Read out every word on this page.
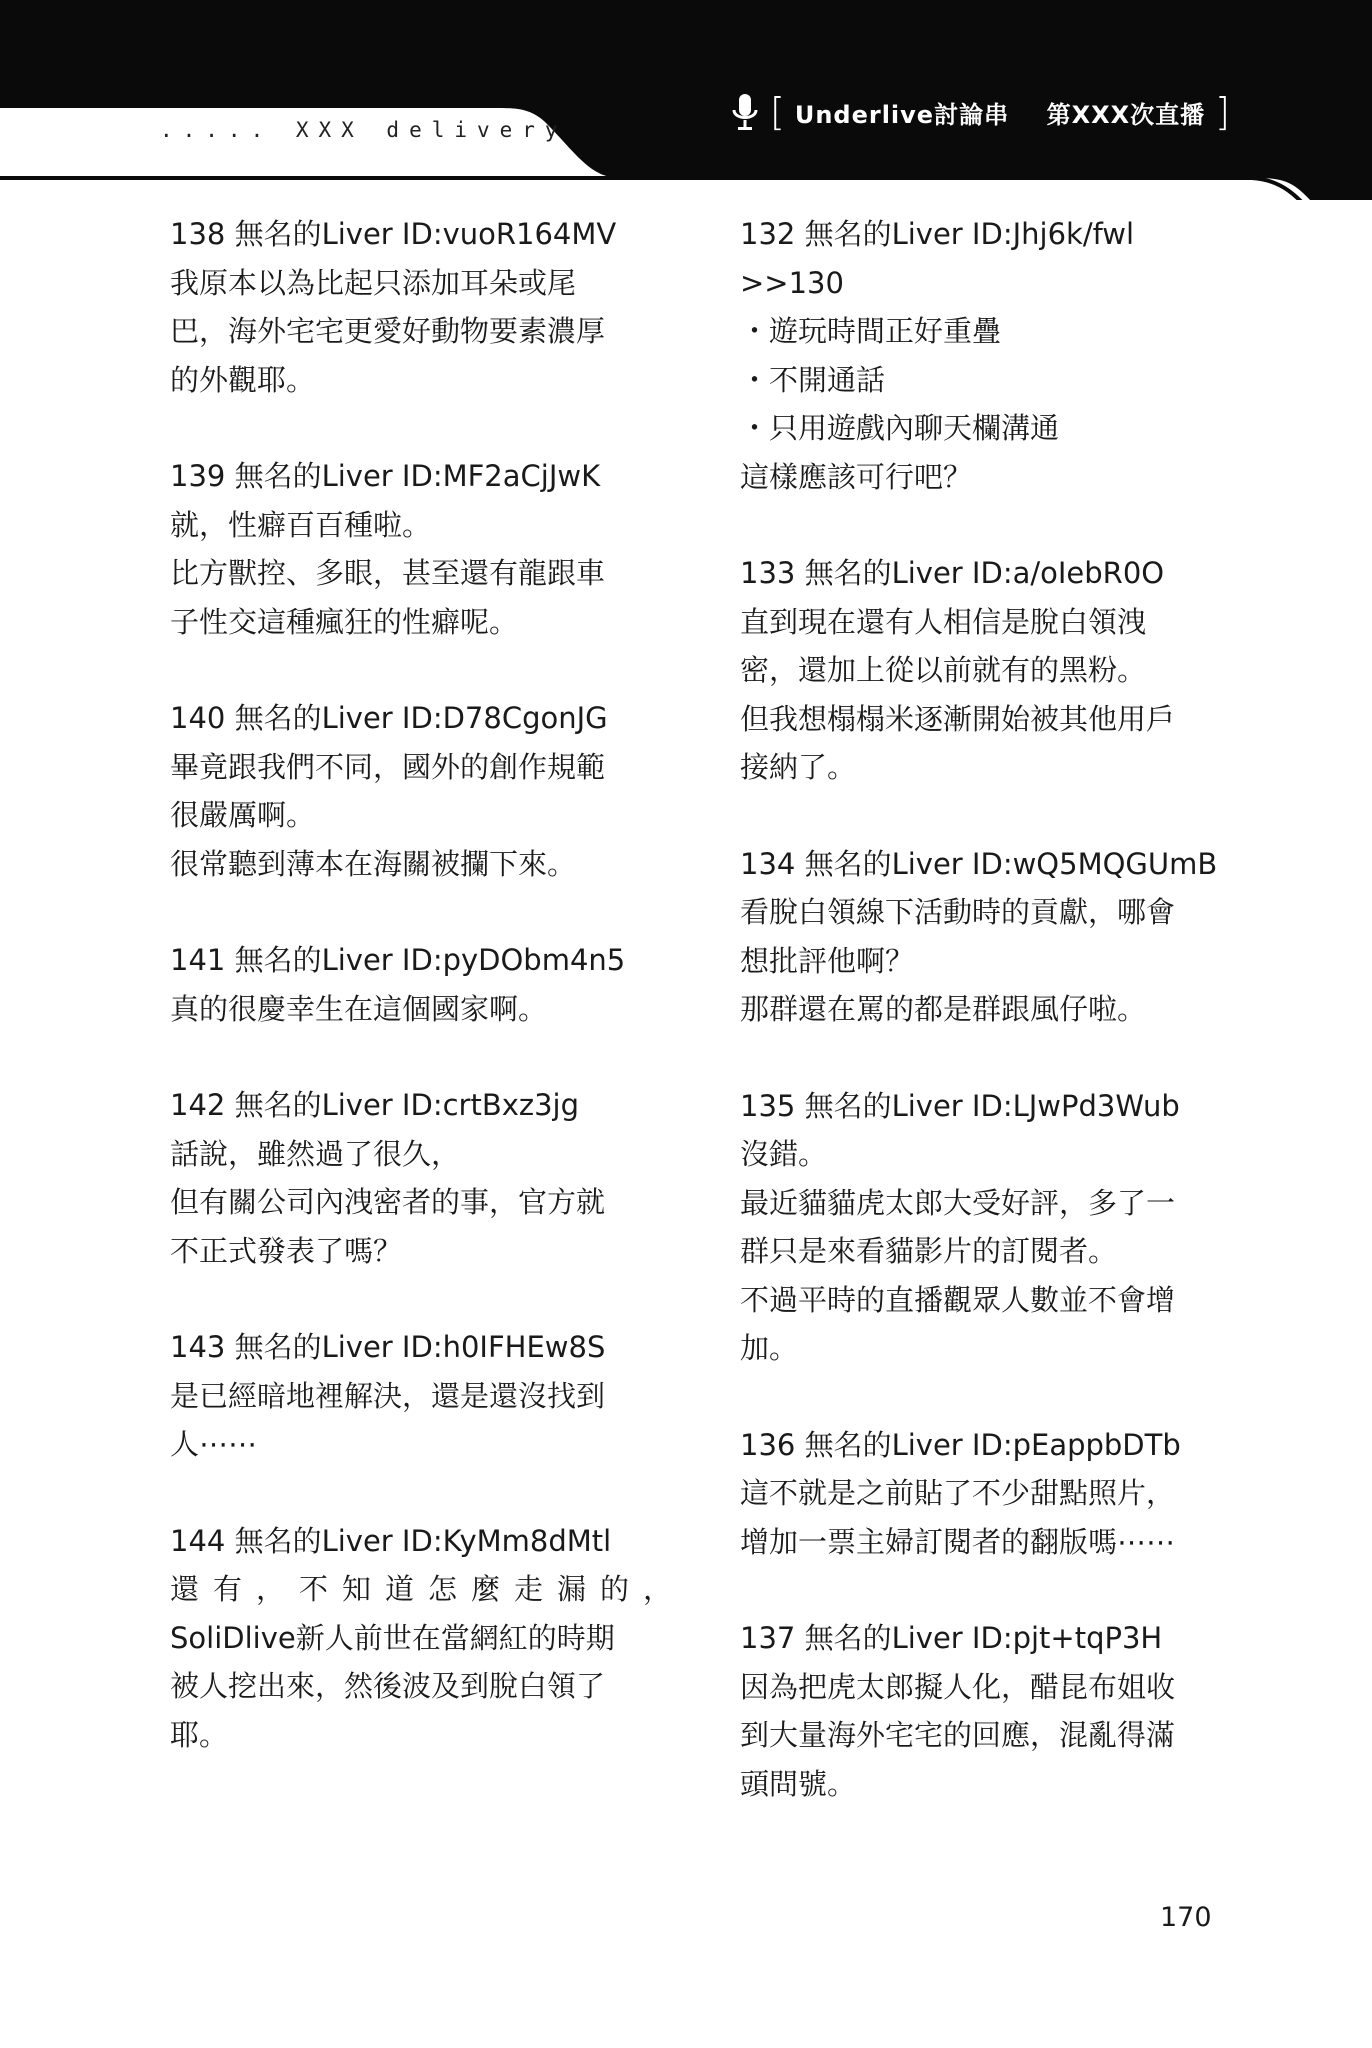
[ Underlive討論串 第XXX次直播 ]
..... XXX delivery
138 無名的Liver ID:vuoR164MV
我原本以為比起只添加耳朵或尾
巴，海外宅宅更愛好動物要素濃厚
的外觀耶。
139 無名的Liver ID:MF2aCjJwK
就，性癖百百種啦。
比方獸控、多眼，甚至還有龍跟車
子性交這種瘋狂的性癖呢。
140 無名的Liver ID:D78CgonJG
畢竟跟我們不同，國外的創作規範
很嚴厲啊。
很常聽到薄本在海關被攔下來。
141 無名的Liver ID:pyDObm4n5
真的很慶幸生在這個國家啊。
142 無名的Liver ID:crtBxz3jg
話說，雖然過了很久，
但有關公司內洩密者的事，官方就
不正式發表了嗎？
143 無名的Liver ID:h0IFHEw8S
是已經暗地裡解決，還是還沒找到
人⋯⋯
144 無名的Liver ID:KyMm8dMtl
還有，不知道怎麼走漏的，
SoliDlive新人前世在當網紅的時期
被人挖出來，然後波及到脫白領了
耶。
132 無名的Liver ID:Jhj6k/fwl
>>130
・遊玩時間正好重疊
・不開通話
・只用遊戲內聊天欄溝通
這樣應該可行吧？
133 無名的Liver ID:a/oIebR0O
直到現在還有人相信是脫白領洩
密，還加上從以前就有的黑粉。
但我想榻榻米逐漸開始被其他用戶
接納了。
134 無名的Liver ID:wQ5MQGUmB
看脫白領線下活動時的貢獻，哪會
想批評他啊？
那群還在罵的都是群跟風仔啦。
135 無名的Liver ID:LJwPd3Wub
沒錯。
最近貓貓虎太郎大受好評，多了一
群只是來看貓影片的訂閱者。
不過平時的直播觀眾人數並不會增
加。
136 無名的Liver ID:pEappbDTb
這不就是之前貼了不少甜點照片，
增加一票主婦訂閱者的翻版嗎⋯⋯
137 無名的Liver ID:pjt+tqP3H
因為把虎太郎擬人化，醋昆布姐收
到大量海外宅宅的回應，混亂得滿
頭問號。
170
